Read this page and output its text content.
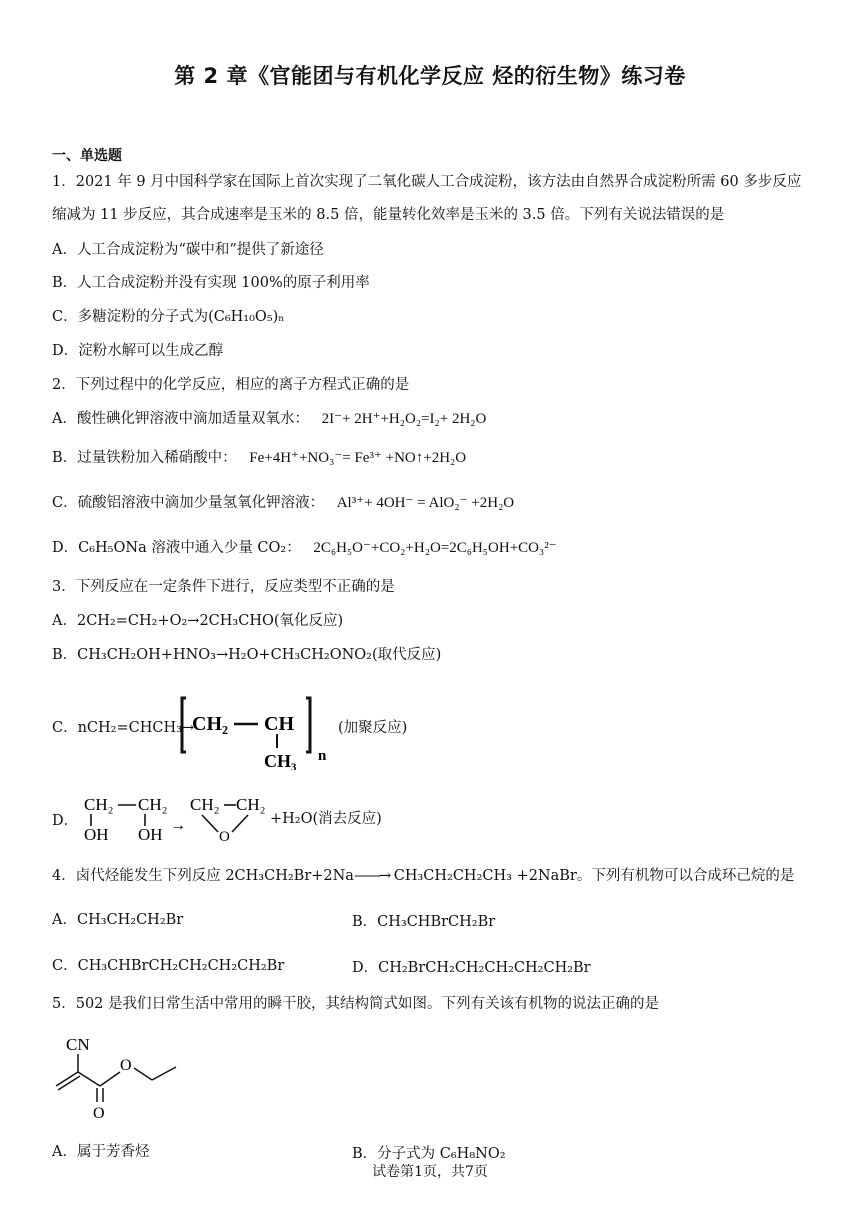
第 2 章《官能团与有机化学反应 烃的衍生物》练习卷
一、单选题
1．2021 年 9 月中国科学家在国际上首次实现了二氧化碳人工合成淀粉，该方法由自然界合成淀粉所需 60 多步反应
缩减为 11 步反应，其合成速率是玉米的 8.5 倍，能量转化效率是玉米的 3.5 倍。下列有关说法错误的是
A．人工合成淀粉为“碳中和”提供了新途径
B．人工合成淀粉并没有实现 100%的原子利用率
C．多糖淀粉的分子式为(C₆H₁₀O₅)ₙ
D．淀粉水解可以生成乙醇
2．下列过程中的化学反应，相应的离子方程式正确的是
A．酸性碘化钾溶液中滴加适量双氧水： 2I⁻+ 2H⁺+H₂O₂=I₂+ 2H₂O
B．过量铁粉加入稀硝酸中： Fe+4H⁺+NO₃⁻= Fe³⁺ +NO↑+2H₂O
C．硫酸铝溶液中滴加少量氢氧化钾溶液： Al³⁺+ 4OH⁻ = AlO₂⁻ +2H₂O
D．C₆H₅ONa 溶液中通入少量 CO₂： 2C₆H₅O⁻+CO₂+H₂O=2C₆H₅OH+CO₃²⁻
3．下列反应在一定条件下进行，反应类型不正确的是
A．2CH₂=CH₂+O₂→2CH₃CHO(氧化反应)
B．CH₃CH₂OH+HNO₃→H₂O+CH₃CH₂ONO₂(取代反应)
C．nCH₂=CHCH₃→
CH₂ CH
CH₃ n
(加聚反应)
D．
CH₂ CH₂
OH OH →
CH₂ CH₂
O
+H₂O(消去反应)
4．卤代烃能发生下列反应 2CH₃CH₂Br+2Na——→ CH₃CH₂CH₂CH₃ +2NaBr。下列有机物可以合成环己烷的是
A．CH₃CH₂CH₂Br	B．CH₃CHBrCH₂Br
C．CH₃CHBrCH₂CH₂CH₂CH₂Br	D．CH₂BrCH₂CH₂CH₂CH₂CH₂Br
5．502 是我们日常生活中常用的瞬干胶，其结构简式如图。下列有关该有机物的说法正确的是
CN
O
O
A．属于芳香烃	B．分子式为 C₆H₈NO₂
试卷第1页，共7页
